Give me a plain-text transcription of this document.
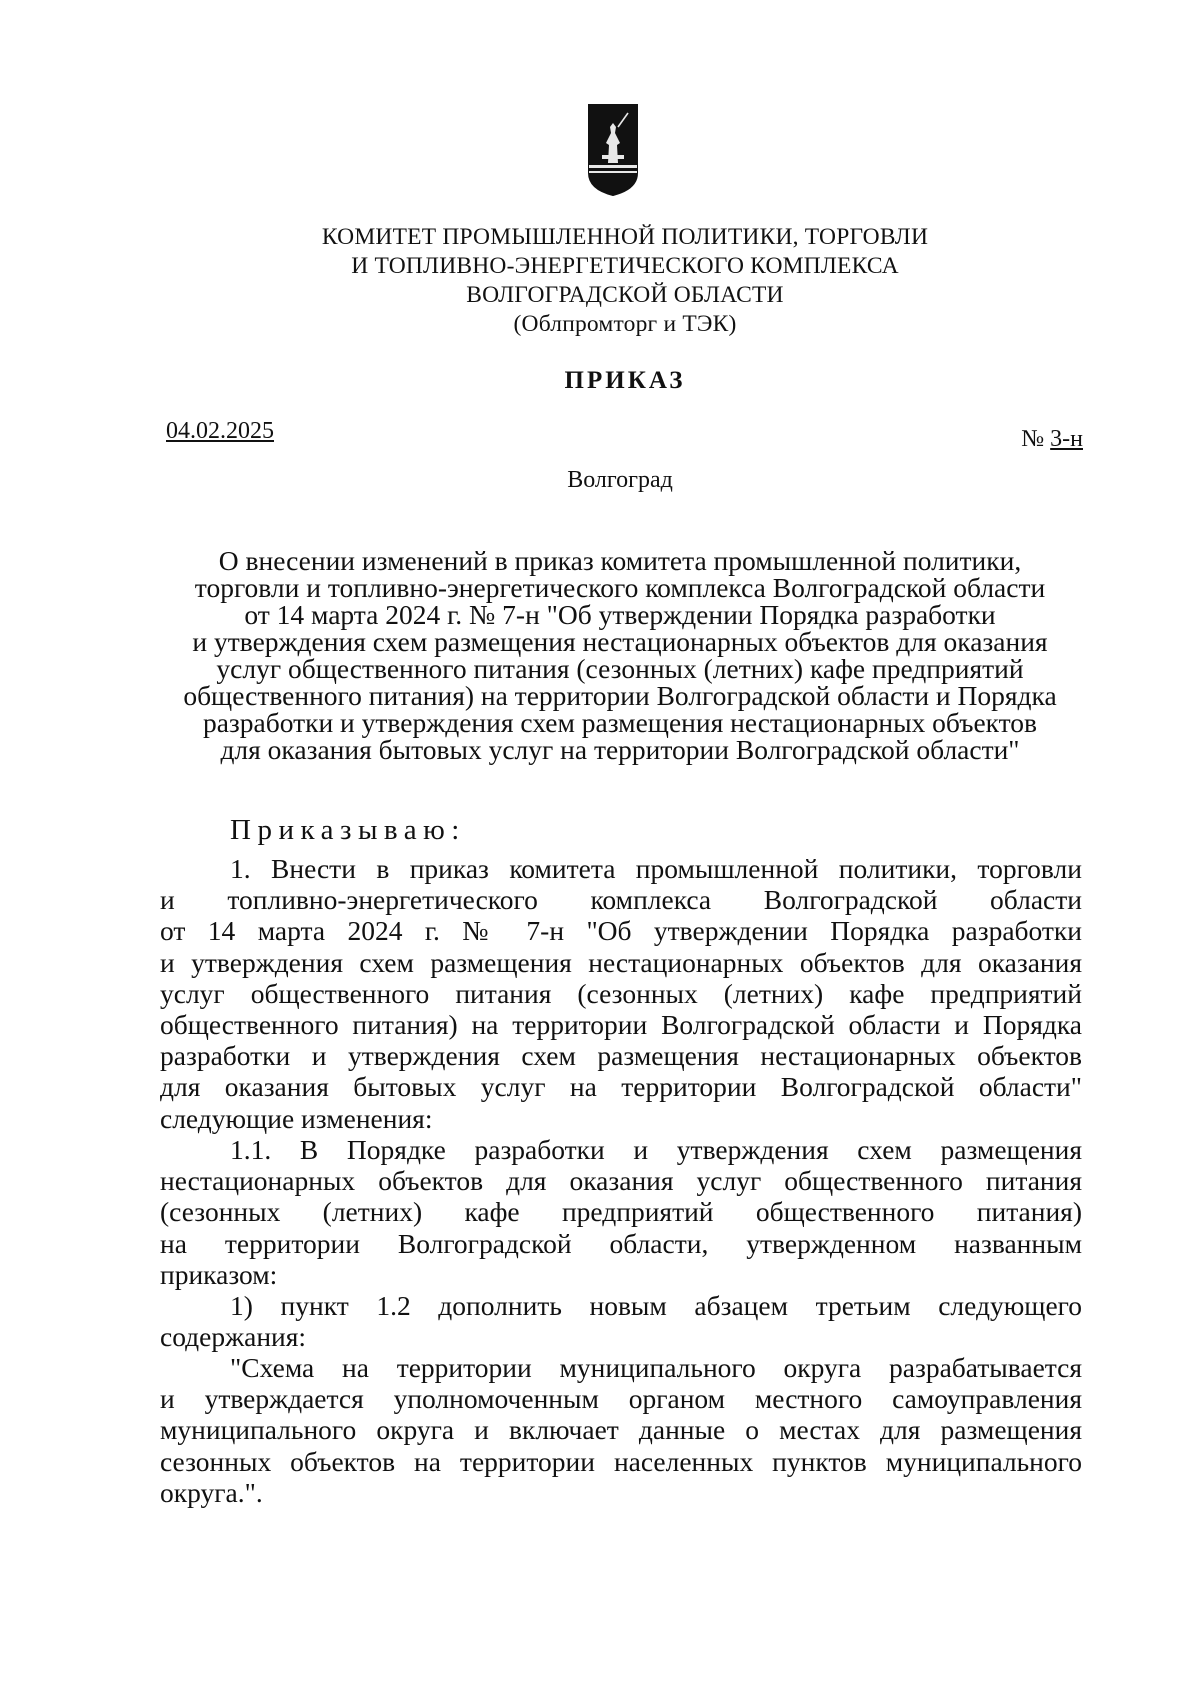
КОМИТЕТ ПРОМЫШЛЕННОЙ ПОЛИТИКИ, ТОРГОВЛИ
И ТОПЛИВНО-ЭНЕРГЕТИЧЕСКОГО КОМПЛЕКСА
ВОЛГОГРАДСКОЙ ОБЛАСТИ
(Облпромторг и ТЭК)
ПРИКАЗ
04.02.2025	№ 3-н
Волгоград
О внесении изменений в приказ комитета промышленной политики,
торговли и топливно-энергетического комплекса Волгоградской области
от 14 марта 2024 г. № 7-н "Об утверждении Порядка разработки
и утверждения схем размещения нестационарных объектов для оказания
услуг общественного питания (сезонных (летних) кафе предприятий
общественного питания) на территории Волгоградской области и Порядка
разработки и утверждения схем размещения нестационарных объектов
для оказания бытовых услуг на территории Волгоградской области"
Приказываю:
1. Внести в приказ комитета промышленной политики, торговли
и топливно-энергетического комплекса Волгоградской области
от 14 марта 2024 г. № 7-н "Об утверждении Порядка разработки
и утверждения схем размещения нестационарных объектов для оказания
услуг общественного питания (сезонных (летних) кафе предприятий
общественного питания) на территории Волгоградской области и Порядка
разработки и утверждения схем размещения нестационарных объектов
для оказания бытовых услуг на территории Волгоградской области"
следующие изменения:
1.1. В Порядке разработки и утверждения схем размещения
нестационарных объектов для оказания услуг общественного питания
(сезонных (летних) кафе предприятий общественного питания)
на территории Волгоградской области, утвержденном названным
приказом:
1) пункт 1.2 дополнить новым абзацем третьим следующего
содержания:
"Схема на территории муниципального округа разрабатывается
и утверждается уполномоченным органом местного самоуправления
муниципального округа и включает данные о местах для размещения
сезонных объектов на территории населенных пунктов муниципального
округа.".
